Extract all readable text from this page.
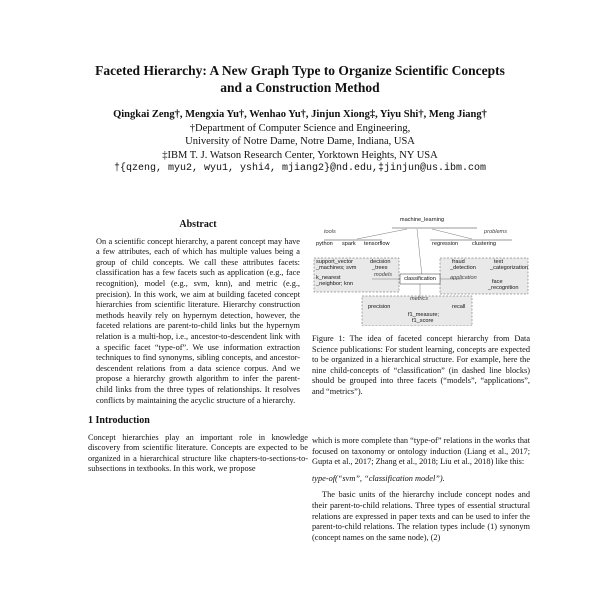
Faceted Hierarchy: A New Graph Type to Organize Scientific Concepts
and a Construction Method
Qingkai Zeng†, Mengxia Yu†, Wenhao Yu†, Jinjun Xiong‡, Yiyu Shi†, Meng Jiang†
†Department of Computer Science and Engineering,
University of Notre Dame, Notre Dame, Indiana, USA
‡IBM T. J. Watson Research Center, Yorktown Heights, NY USA
†{qzeng, myu2, wyu1, yshi4, mjiang2}@nd.edu,‡jinjun@us.ibm.com
Abstract

On a scientific concept hierarchy, a parent concept may have a few attributes, each of which has multiple values being a group of child concepts. We call these attributes facets: classification has a few facets such as application (e.g., face recognition), model (e.g., svm, knn), and metric (e.g., precision). In this work, we aim at building faceted concept hierarchies from scientific literature. Hierarchy construction methods heavily rely on hypernym detection, however, the faceted relations are parent-to-child links but the hypernym relation is a multi-hop, i.e., ancestor-to-descendent link with a specific facet “type-of”. We use information extraction techniques to find synonyms, sibling concepts, and ancestor-descendent relations from a data science corpus. And we propose a hierarchy growth algorithm to infer the parent-child links from the three types of relationships. It resolves conflicts by maintaining the acyclic structure of a hierarchy.

1 Introduction

Concept hierarchies play an important role in knowledge discovery from scientific literature. Concepts are expected to be organized in a hierarchical structure like chapters-to-sections-to-subsections in textbooks. In this work, we propose

machine_learning
tools	problems
python spark tensorflow	regression clustering
support_vector
_machines; svm
k_nearest
_neighbor; knn
decision
_trees
models
classification
fraud
_detection
application
text
_categorization
face
_recognition
metrics
precision	recall
f1_measure;
f1_score
Figure 1: The idea of faceted concept hierarchy from Data Science publications: For student learning, concepts are expected to be organized in a hierarchical structure. For example, here the nine child-concepts of “classification” (in dashed line blocks) should be grouped into three facets (“models”, “applications”, and “metrics”).

which is more complete than “type-of” relations in the works that focused on taxonomy or ontology induction (Liang et al., 2017; Gupta et al., 2017; Zhang et al., 2018; Liu et al., 2018) like this:

type-of(“svm”, “classification model”).

The basic units of the hierarchy include concept nodes and their parent-to-child relations. Three types of essential structural relations are expressed in paper texts and can be used to infer the parent-to-child relations. The relation types include (1) synonym (concept names on the same node), (2)
